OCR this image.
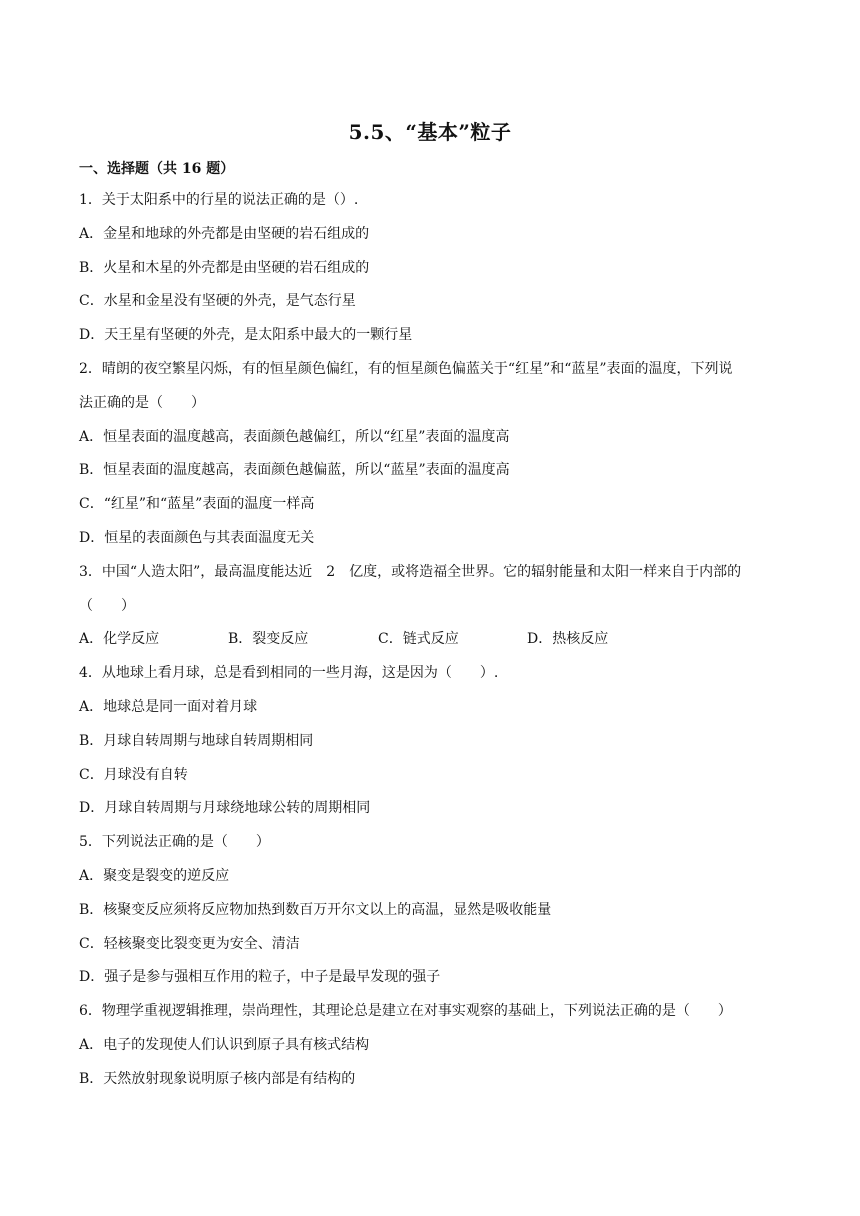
5.5、“基本”粒子
一、选择题（共 16 题）
1．关于太阳系中的行星的说法正确的是（）.
A．金星和地球的外壳都是由坚硬的岩石组成的
B．火星和木星的外壳都是由坚硬的岩石组成的
C．水星和金星没有坚硬的外壳，是气态行星
D．天王星有坚硬的外壳，是太阳系中最大的一颗行星
2．晴朗的夜空繁星闪烁，有的恒星颜色偏红，有的恒星颜色偏蓝关于“红星”和“蓝星”表面的温度，下列说
法正确的是（　　）
A．恒星表面的温度越高，表面颜色越偏红，所以“红星”表面的温度高
B．恒星表面的温度越高，表面颜色越偏蓝，所以“蓝星”表面的温度高
C．“红星”和“蓝星”表面的温度一样高
D．恒星的表面颜色与其表面温度无关
3．中国“人造太阳”，最高温度能达近　2　亿度，或将造福全世界。它的辐射能量和太阳一样来自于内部的
（　　）
A．化学反应	B．裂变反应	C．链式反应	D．热核反应
4．从地球上看月球，总是看到相同的一些月海，这是因为（　　）.
A．地球总是同一面对着月球
B．月球自转周期与地球自转周期相同
C．月球没有自转
D．月球自转周期与月球绕地球公转的周期相同
5．下列说法正确的是（　　）
A．聚变是裂变的逆反应
B．核聚变反应须将反应物加热到数百万开尔文以上的高温，显然是吸收能量
C．轻核聚变比裂变更为安全、清洁
D．强子是参与强相互作用的粒子，中子是最早发现的强子
6．物理学重视逻辑推理，崇尚理性，其理论总是建立在对事实观察的基础上，下列说法正确的是（　　）
A．电子的发现使人们认识到原子具有核式结构
B．天然放射现象说明原子核内部是有结构的
